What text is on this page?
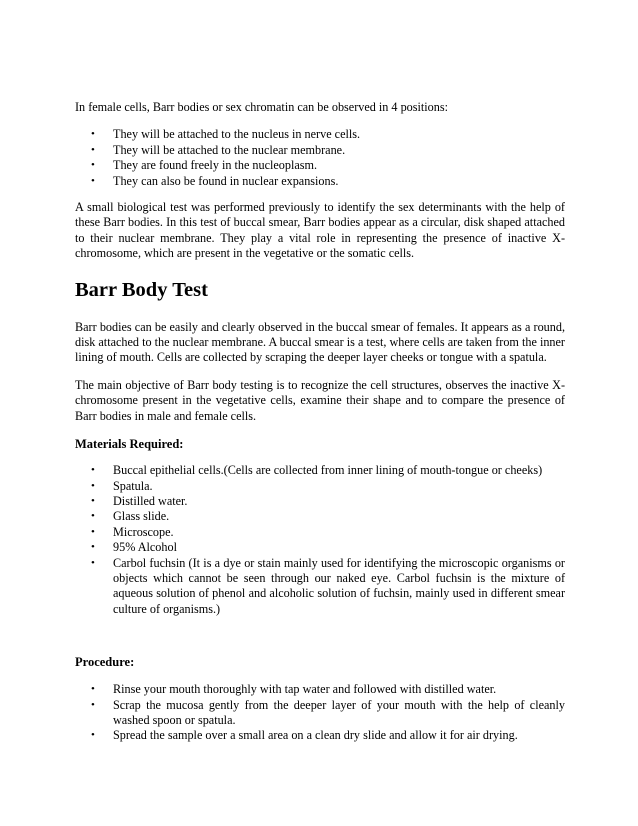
In female cells, Barr bodies or sex chromatin can be observed in 4 positions:

• They will be attached to the nucleus in nerve cells.
• They will be attached to the nuclear membrane.
• They are found freely in the nucleoplasm.
• They can also be found in nuclear expansions.

A small biological test was performed previously to identify the sex determinants with the help of these Barr bodies. In this test of buccal smear, Barr bodies appear as a circular, disk shaped attached to their nuclear membrane. They play a vital role in representing the presence of inactive X-chromosome, which are present in the vegetative or the somatic cells.

Barr Body Test

Barr bodies can be easily and clearly observed in the buccal smear of females. It appears as a round, disk attached to the nuclear membrane. A buccal smear is a test, where cells are taken from the inner lining of mouth. Cells are collected by scraping the deeper layer cheeks or tongue with a spatula.

The main objective of Barr body testing is to recognize the cell structures, observes the inactive X-chromosome present in the vegetative cells, examine their shape and to compare the presence of Barr bodies in male and female cells.

Materials Required:
• Buccal epithelial cells.(Cells are collected from inner lining of mouth-tongue or cheeks)
• Spatula.
• Distilled water.
• Glass slide.
• Microscope.
• 95% Alcohol
• Carbol fuchsin (It is a dye or stain mainly used for identifying the microscopic organisms or objects which cannot be seen through our naked eye. Carbol fuchsin is the mixture of aqueous solution of phenol and alcoholic solution of fuchsin, mainly used in different smear culture of organisms.)
Procedure:
• Rinse your mouth thoroughly with tap water and followed with distilled water.
• Scrap the mucosa gently from the deeper layer of your mouth with the help of cleanly washed spoon or spatula.
• Spread the sample over a small area on a clean dry slide and allow it for air drying.
